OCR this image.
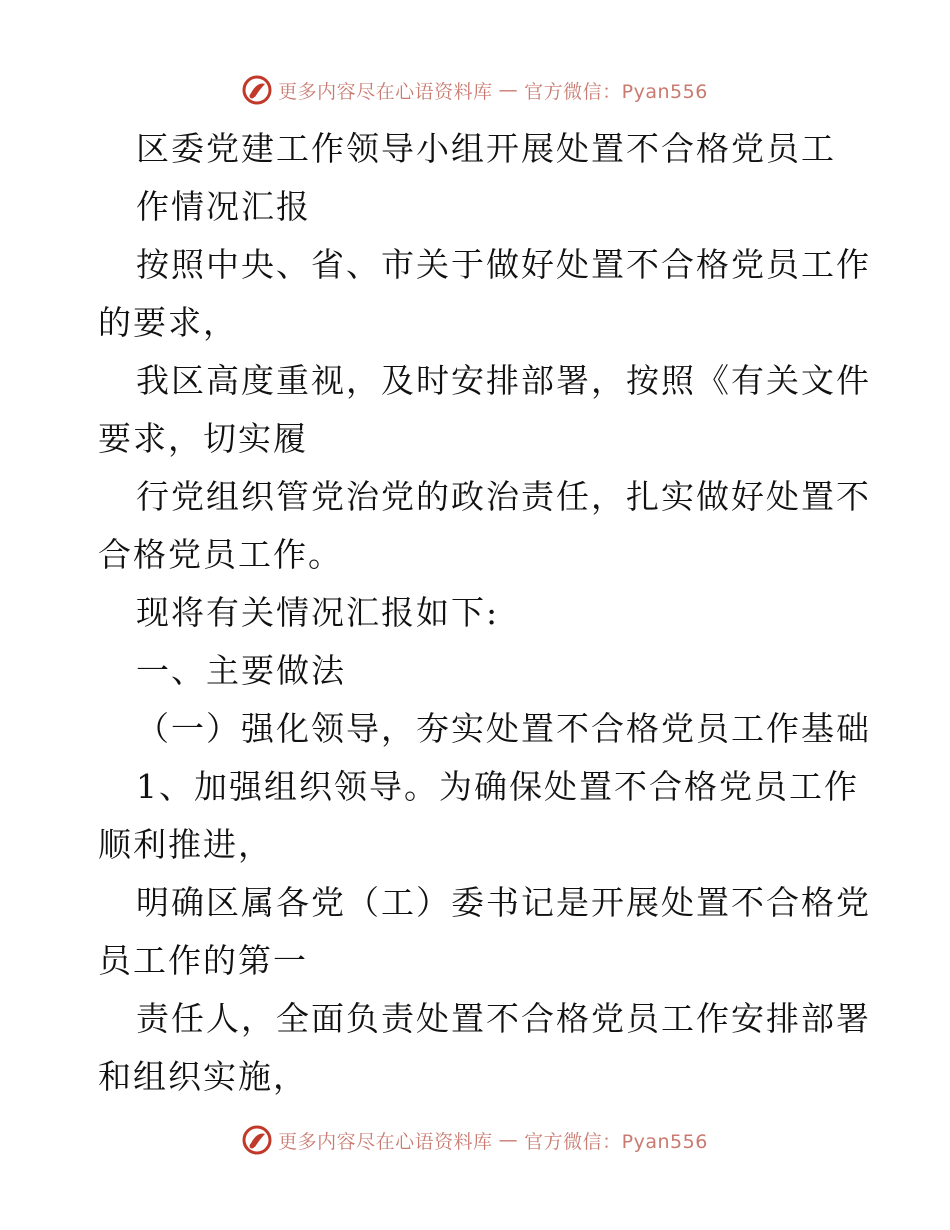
更多内容尽在心语资料库 — 官方微信：Pyan556
区委党建工作领导小组开展处置不合格党员工
作情况汇报
按照中央、省、市关于做好处置不合格党员工作
的要求，
我区高度重视，及时安排部署，按照《有关文件
要求，切实履
行党组织管党治党的政治责任，扎实做好处置不
合格党员工作。
现将有关情况汇报如下:
一、主要做法
（一）强化领导，夯实处置不合格党员工作基础
1、加强组织领导。为确保处置不合格党员工作
顺利推进，
明确区属各党（工）委书记是开展处置不合格党
员工作的第一
责任人，全面负责处置不合格党员工作安排部署
和组织实施，
更多内容尽在心语资料库 — 官方微信：Pyan556
